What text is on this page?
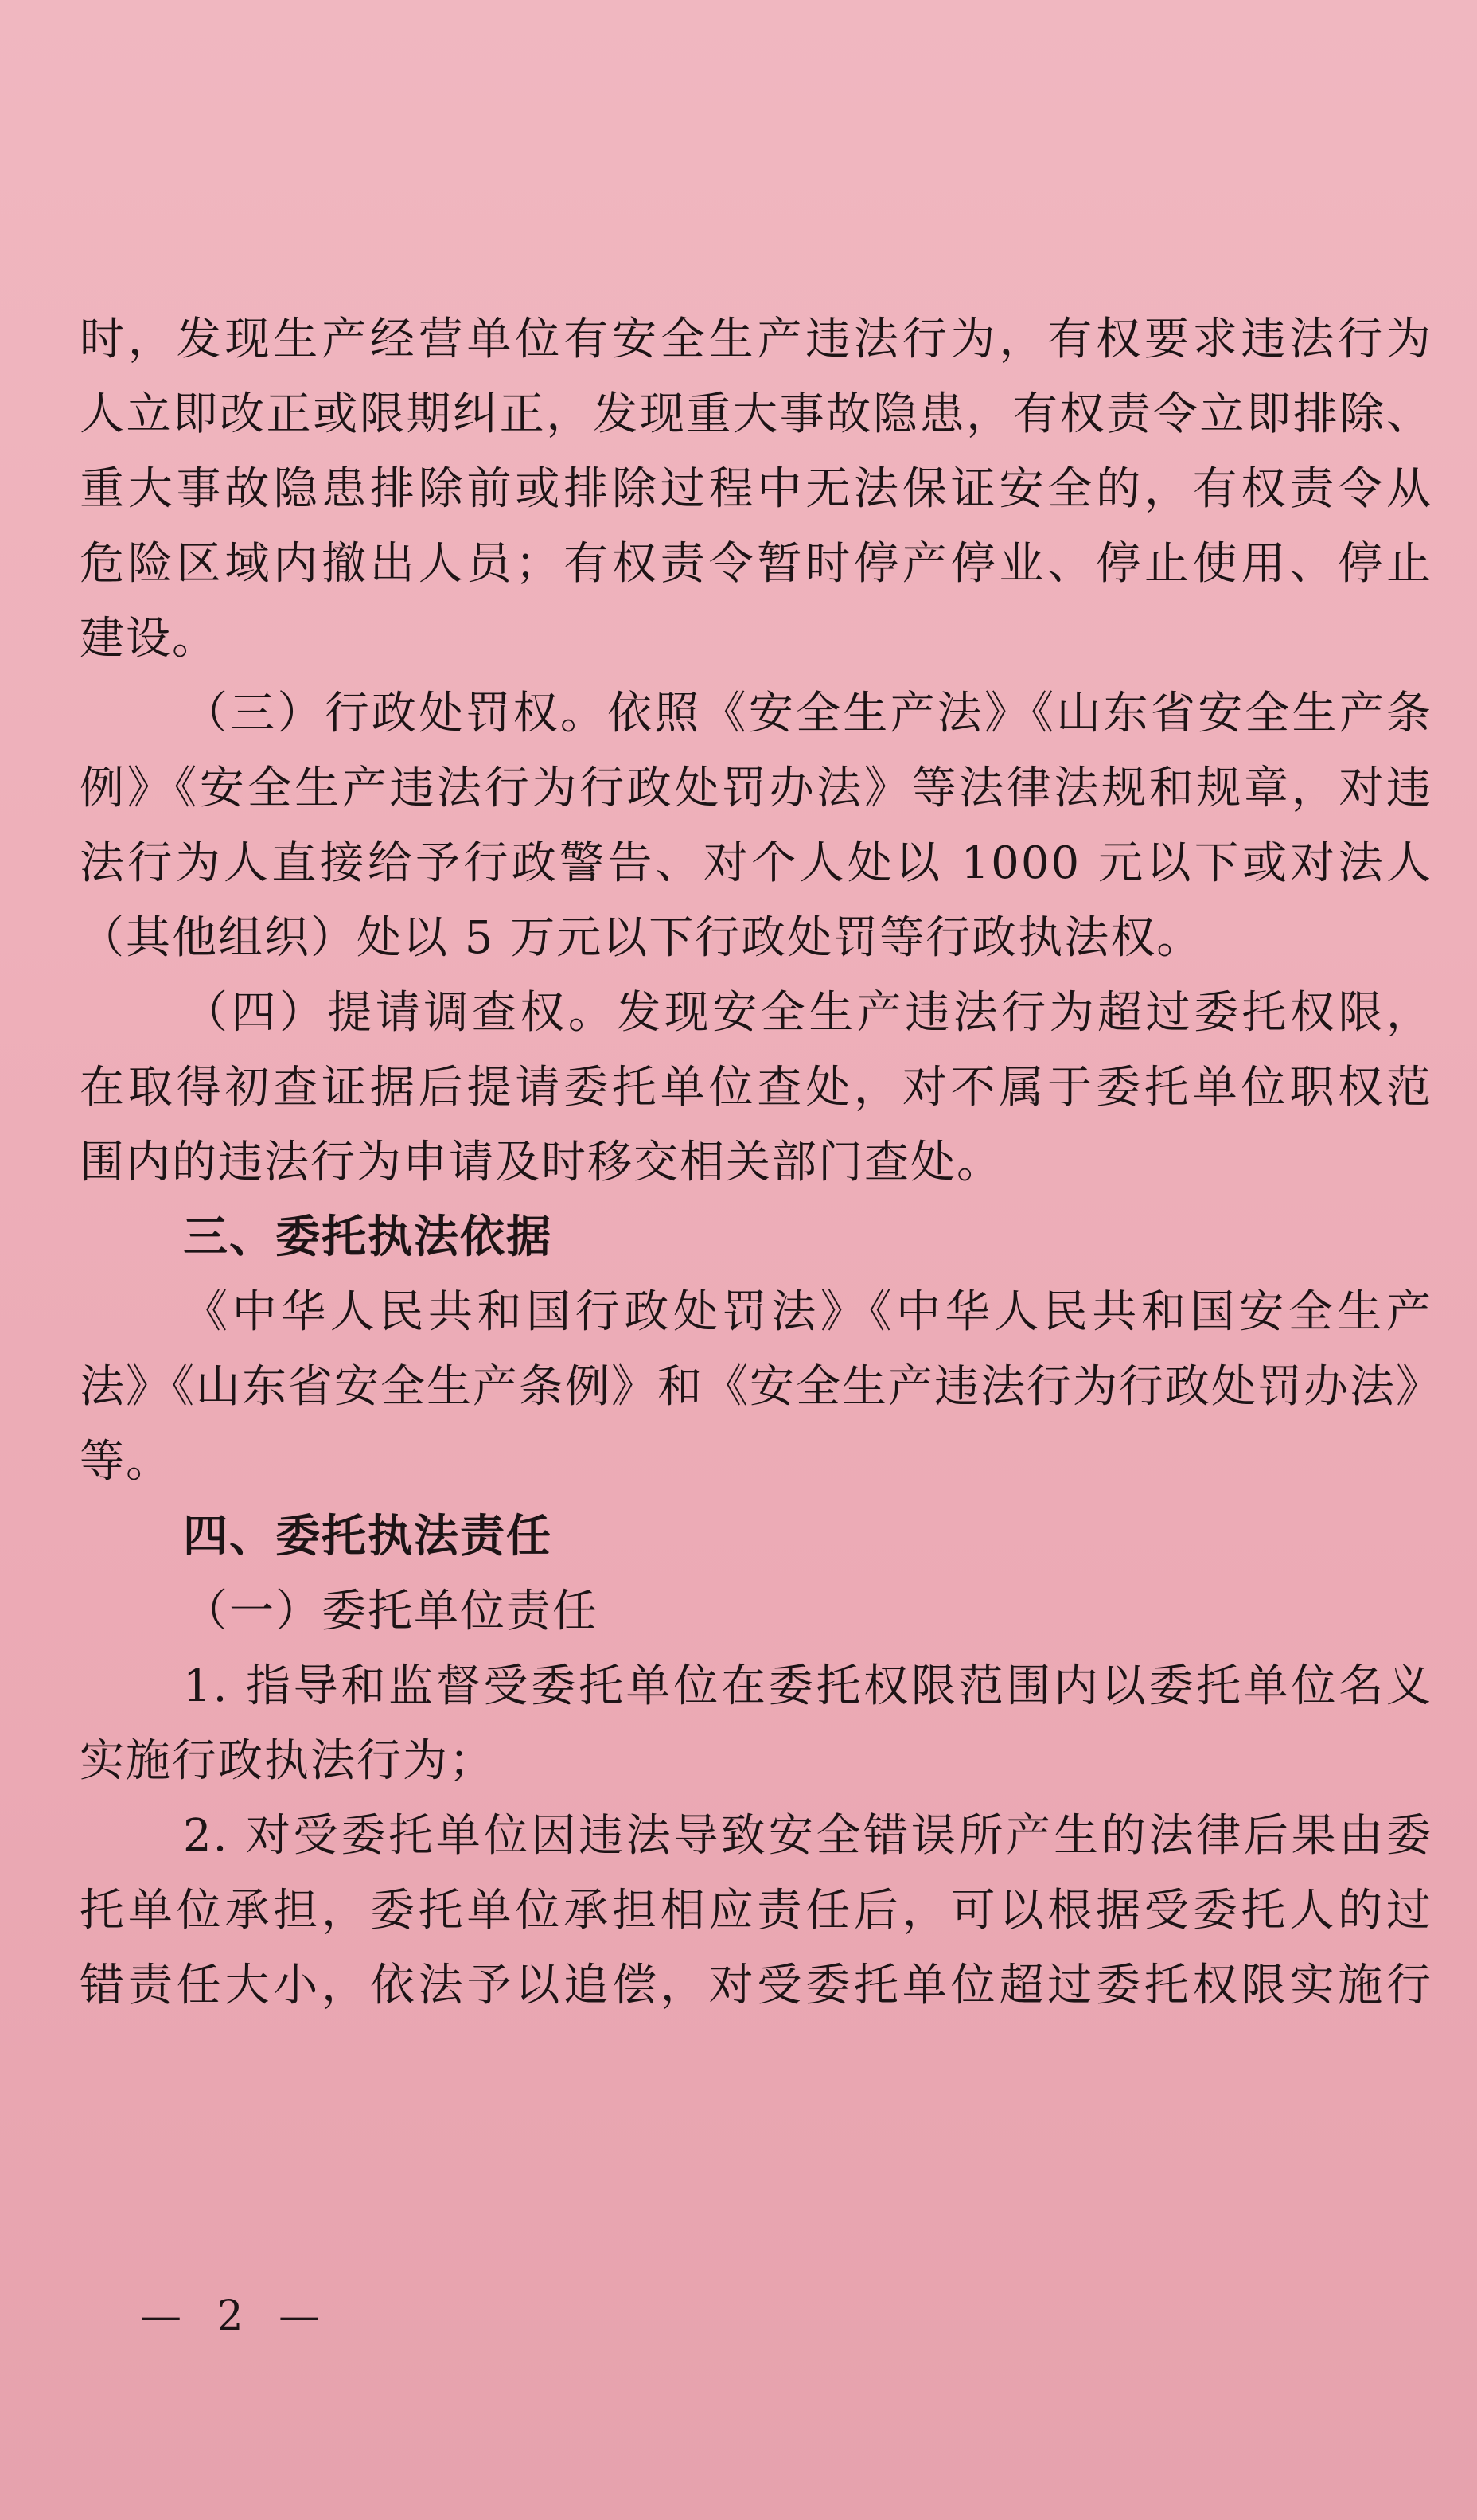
时，发现生产经营单位有安全生产违法行为，有权要求违法行为
人立即改正或限期纠正，发现重大事故隐患，有权责令立即排除、
重大事故隐患排除前或排除过程中无法保证安全的，有权责令从
危险区域内撤出人员；有权责令暂时停产停业、停止使用、停止
建设。
（三）行政处罚权。依照《安全生产法》《山东省安全生产条
例》《安全生产违法行为行政处罚办法》等法律法规和规章，对违
法行为人直接给予行政警告、对个人处以 1000 元以下或对法人
（其他组织）处以 5 万元以下行政处罚等行政执法权。
（四）提请调查权。发现安全生产违法行为超过委托权限，
在取得初查证据后提请委托单位查处，对不属于委托单位职权范
围内的违法行为申请及时移交相关部门查处。
三、委托执法依据
《中华人民共和国行政处罚法》《中华人民共和国安全生产
法》《山东省安全生产条例》和《安全生产违法行为行政处罚办法》
等。
四、委托执法责任
（一）委托单位责任
1. 指导和监督受委托单位在委托权限范围内以委托单位名义
实施行政执法行为；
2. 对受委托单位因违法导致安全错误所产生的法律后果由委
托单位承担，委托单位承担相应责任后，可以根据受委托人的过
错责任大小，依法予以追偿，对受委托单位超过委托权限实施行
— 2 —
